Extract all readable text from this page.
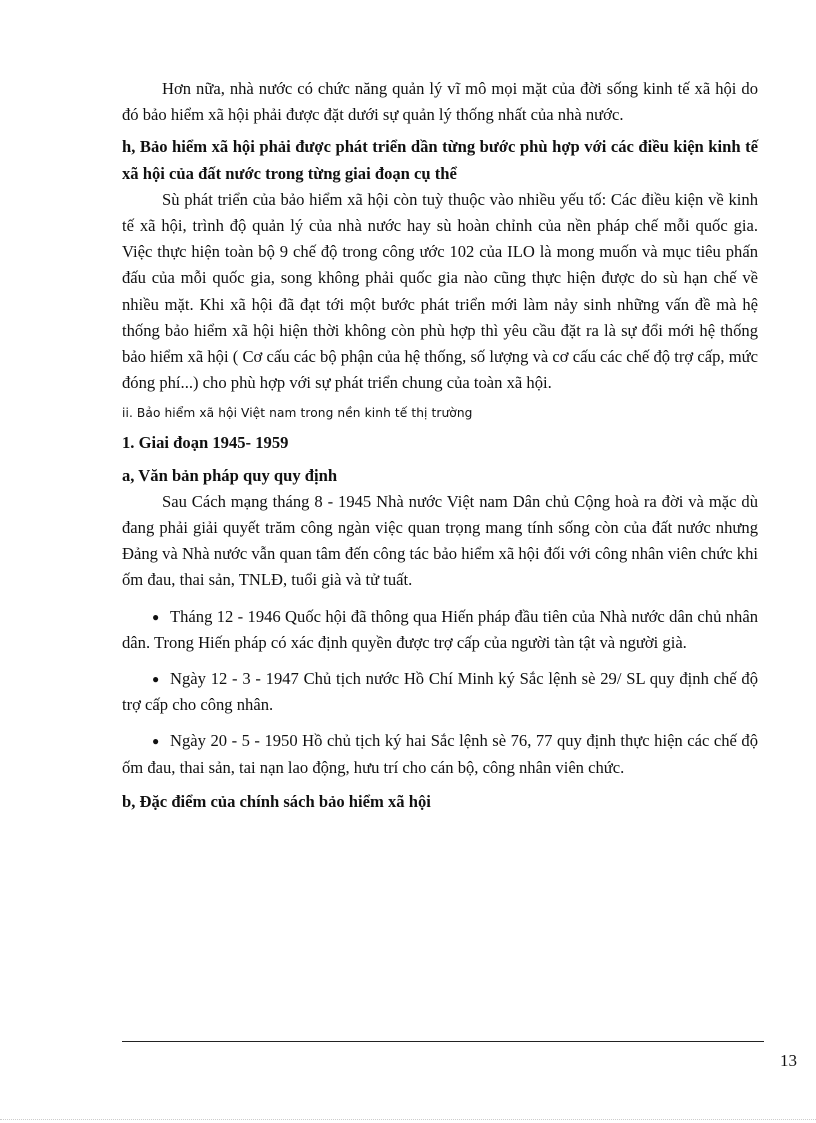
Hơn nữa, nhà nước có chức năng quản lý vĩ mô mọi mặt của đời sống kinh tế xã hội do đó bảo hiểm xã hội phải được đặt dưới sự quản lý thống nhất của nhà nước.

h, Bảo hiểm xã hội phải được phát triển dần từng bước phù hợp với các điều kiện kinh tế xã hội của đất nước trong từng giai đoạn cụ thể

Sù phát triển của bảo hiểm xã hội còn tuỳ thuộc vào nhiều yếu tố: Các điều kiện về kinh tế xã hội, trình độ quản lý của nhà nước hay sù hoàn chỉnh của nền pháp chế mỗi quốc gia. Việc thực hiện toàn bộ 9 chế độ trong công ước 102 của ILO là mong muốn và mục tiêu phấn đấu của mỗi quốc gia, song không phải quốc gia nào cũng thực hiện được do sù hạn chế về nhiều mặt. Khi xã hội đã đạt tới một bước phát triển mới làm nảy sinh những vấn đề mà hệ thống bảo hiểm xã hội hiện thời không còn phù hợp thì yêu cầu đặt ra là sự đổi mới hệ thống bảo hiểm xã hội ( Cơ cấu các bộ phận của hệ thống, số lượng và cơ cấu các chế độ trợ cấp, mức đóng phí...) cho phù hợp với sự phát triển chung của toàn xã hội.

ii. Bảo hiểm xã hội Việt nam trong nền kinh tế thị trường

1. Giai đoạn 1945- 1959

a, Văn bản pháp quy quy định

Sau Cách mạng tháng 8 - 1945 Nhà nước Việt nam Dân chủ Cộng hoà ra đời và mặc dù đang phải giải quyết trăm công ngàn việc quan trọng mang tính sống còn của đất nước nhưng Đảng và Nhà nước vẫn quan tâm đến công tác bảo hiểm xã hội đối với công nhân viên chức khi ốm đau, thai sản, TNLĐ, tuổi già và tử tuất.

● Tháng 12 - 1946 Quốc hội đã thông qua Hiến pháp đầu tiên của Nhà nước dân chủ nhân dân. Trong Hiến pháp có xác định quyền được trợ cấp của người tàn tật và người già.

● Ngày 12 - 3 - 1947 Chủ tịch nước Hồ Chí Minh ký Sắc lệnh sè 29/ SL quy định chế độ trợ cấp cho công nhân.

● Ngày 20 - 5 - 1950 Hồ chủ tịch ký hai Sắc lệnh sè 76, 77 quy định thực hiện các chế độ ốm đau, thai sản, tai nạn lao động, hưu trí cho cán bộ, công nhân viên chức.

b, Đặc điểm của chính sách bảo hiểm xã hội

13
